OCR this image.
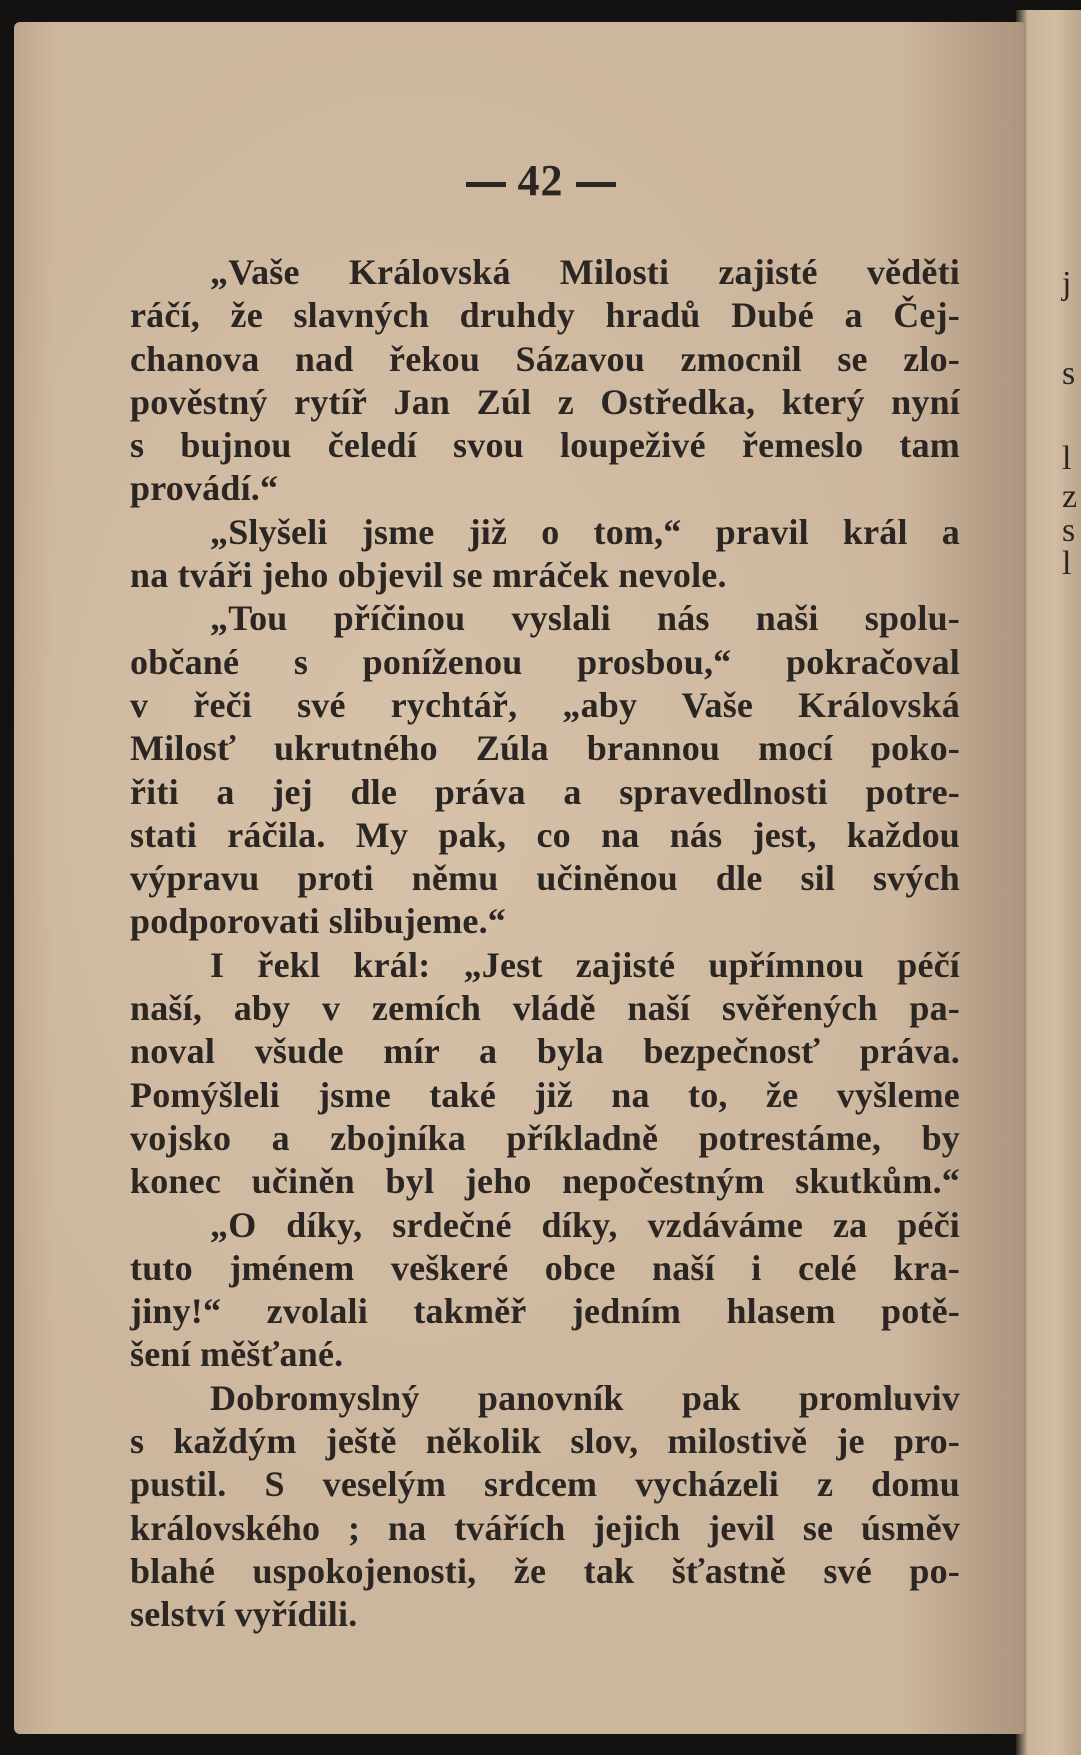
42
„Vaše Královská Milosti zajisté věděti
ráčí, že slavných druhdy hradů Dubé a Čej-
chanova nad řekou Sázavou zmocnil se zlo-
pověstný rytíř Jan Zúl z Ostředka, který nyní
s bujnou čeledí svou loupeživé řemeslo tam
provádí.“
„Slyšeli jsme již o tom,“ pravil král a
na tváři jeho objevil se mráček nevole.
„Tou příčinou vyslali nás naši spolu-
občané s poníženou prosbou,“ pokračoval
v řeči své rychtář, „aby Vaše Královská
Milosť ukrutného Zúla brannou mocí poko-
řiti a jej dle práva a spravedlnosti potre-
stati ráčila. My pak, co na nás jest, každou
výpravu proti němu učiněnou dle sil svých
podporovati slibujeme.“
I řekl král: „Jest zajisté upřímnou péčí
naší, aby v zemích vládě naší svěřených pa-
noval všude mír a byla bezpečnosť práva.
Pomýšleli jsme také již na to, že vyšleme
vojsko a zbojníka příkladně potrestáme, by
konec učiněn byl jeho nepočestným skutkům.“
„O díky, srdečné díky, vzdáváme za péči
tuto jménem veškeré obce naší i celé kra-
jiny!“ zvolali takměř jedním hlasem potě-
šení měšťané.
Dobromyslný panovník pak promluviv
s každým ještě několik slov, milostivě je pro-
pustil. S veselým srdcem vycházeli z domu
královského ; na tvářích jejich jevil se úsměv
blahé uspokojenosti, že tak šťastně své po-
selství vyřídili.
j
s
l
z
s
l
